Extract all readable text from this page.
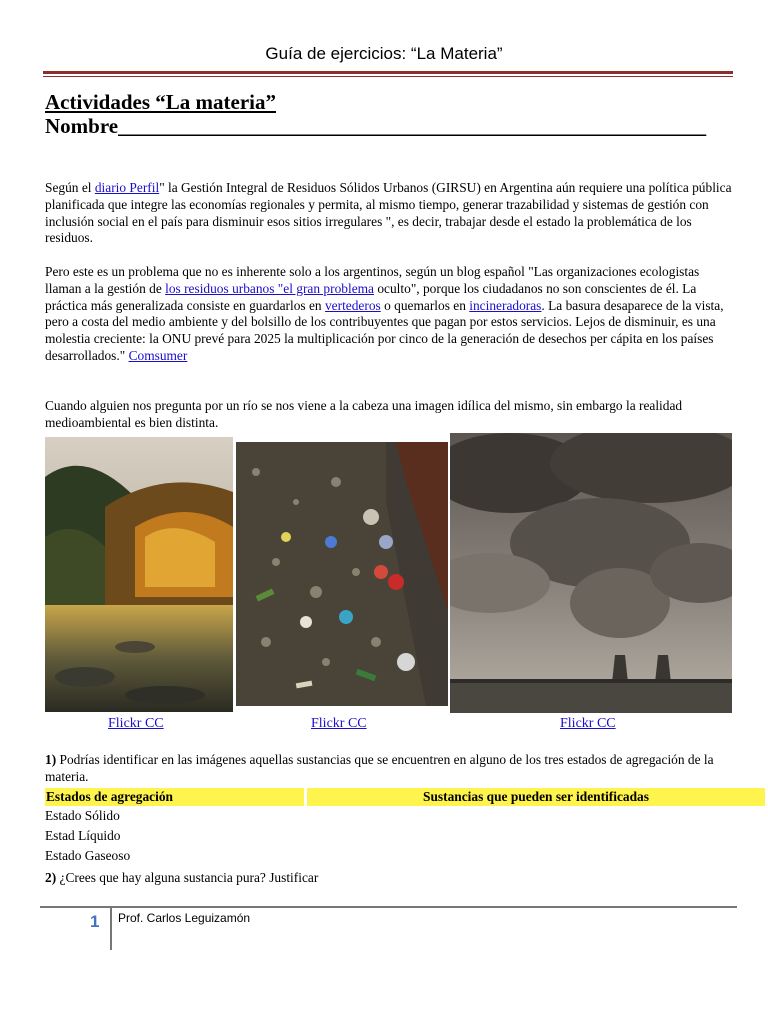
Guía de ejercicios: “La Materia”
Actividades “La materia”
Nombre________________________________________________________
Según el diario Perfil" la Gestión Integral de Residuos Sólidos Urbanos (GIRSU) en Argentina aún requiere una política pública planificada que integre las economías regionales y permita, al mismo tiempo, generar trazabilidad y sistemas de gestión con inclusión social en el país para disminuir esos sitios irregulares ", es decir, trabajar desde el estado la problemática de los residuos.
Pero este es un problema que no es inherente solo a los argentinos, según un blog español "Las organizaciones ecologistas llaman a la gestión de los residuos urbanos "el gran problema oculto", porque los ciudadanos no son conscientes de él. La práctica más generalizada consiste en guardarlos en vertederos o quemarlos en incineradoras. La basura desaparece de la vista, pero a costa del medio ambiente y del bolsillo de los contribuyentes que pagan por estos servicios. Lejos de disminuir, es una molestia creciente: la ONU prevé para 2025 la multiplicación por cinco de la generación de desechos per cápita en los países desarrollados." Comsumer
Cuando alguien nos pregunta por un río se nos viene a la cabeza una imagen idílica del mismo, sin embargo la realidad medioambiental es bien distinta.
Flickr CC	Flickr CC	Flickr CC
1) Podrías identificar en las imágenes aquellas sustancias que se encuentren en alguno de los tres estados de agregación de la materia.
Estados de agregación	Sustancias que pueden ser identificadas
Estado Sólido
Estad Líquido
Estado Gaseoso
2) ¿Crees que hay alguna sustancia pura? Justificar
1 Prof. Carlos Leguizamón
